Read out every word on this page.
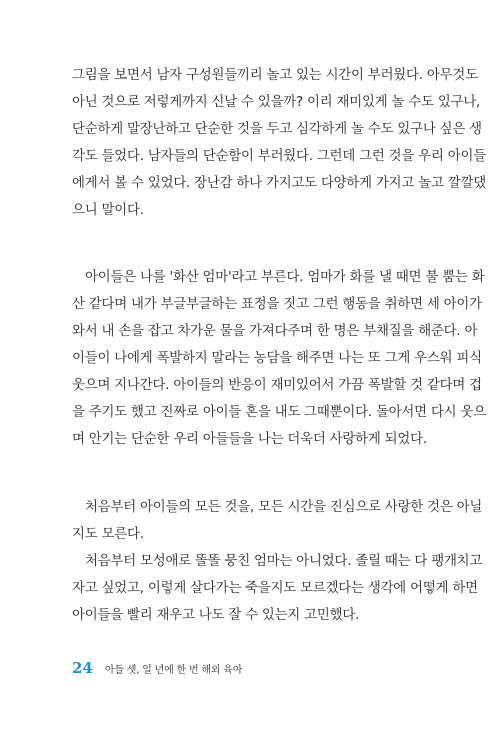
그림을 보면서 남자 구성원들끼리 놀고 있는 시간이 부러웠다. 아무것도
아닌 것으로 저렇게까지 신날 수 있을까? 이리 재미있게 놀 수도 있구나,
단순하게 말장난하고 단순한 것을 두고 심각하게 놀 수도 있구나 싶은 생
각도 들었다. 남자들의 단순함이 부러웠다. 그런데 그런 것을 우리 아이들
에게서 볼 수 있었다. 장난감 하나 가지고도 다양하게 가지고 놀고 깔깔댔
으니 말이다.
아이들은 나를 '화산 엄마'라고 부른다. 엄마가 화를 낼 때면 불 뿜는 화
산 같다며 내가 부글부글하는 표정을 짓고 그런 행동을 취하면 세 아이가
와서 내 손을 잡고 차가운 물을 가져다주며 한 명은 부채질을 해준다. 아
이들이 나에게 폭발하지 말라는 농담을 해주면 나는 또 그게 우스워 피식
웃으며 지나간다. 아이들의 반응이 재미있어서 가끔 폭발할 것 같다며 겁
을 주기도 했고 진짜로 아이들 혼을 내도 그때뿐이다. 돌아서면 다시 웃으
며 안기는 단순한 우리 아들들을 나는 더욱더 사랑하게 되었다.
처음부터 아이들의 모든 것을, 모든 시간을 진심으로 사랑한 것은 아닐
지도 모른다.
처음부터 모성애로 똘똘 뭉친 엄마는 아니었다. 졸릴 때는 다 팽개치고
자고 싶었고, 이렇게 살다가는 죽을지도 모르겠다는 생각에 어떻게 하면
아이들을 빨리 재우고 나도 잘 수 있는지 고민했다.
24 아들 셋, 일 년에 한 번 해외 육아
